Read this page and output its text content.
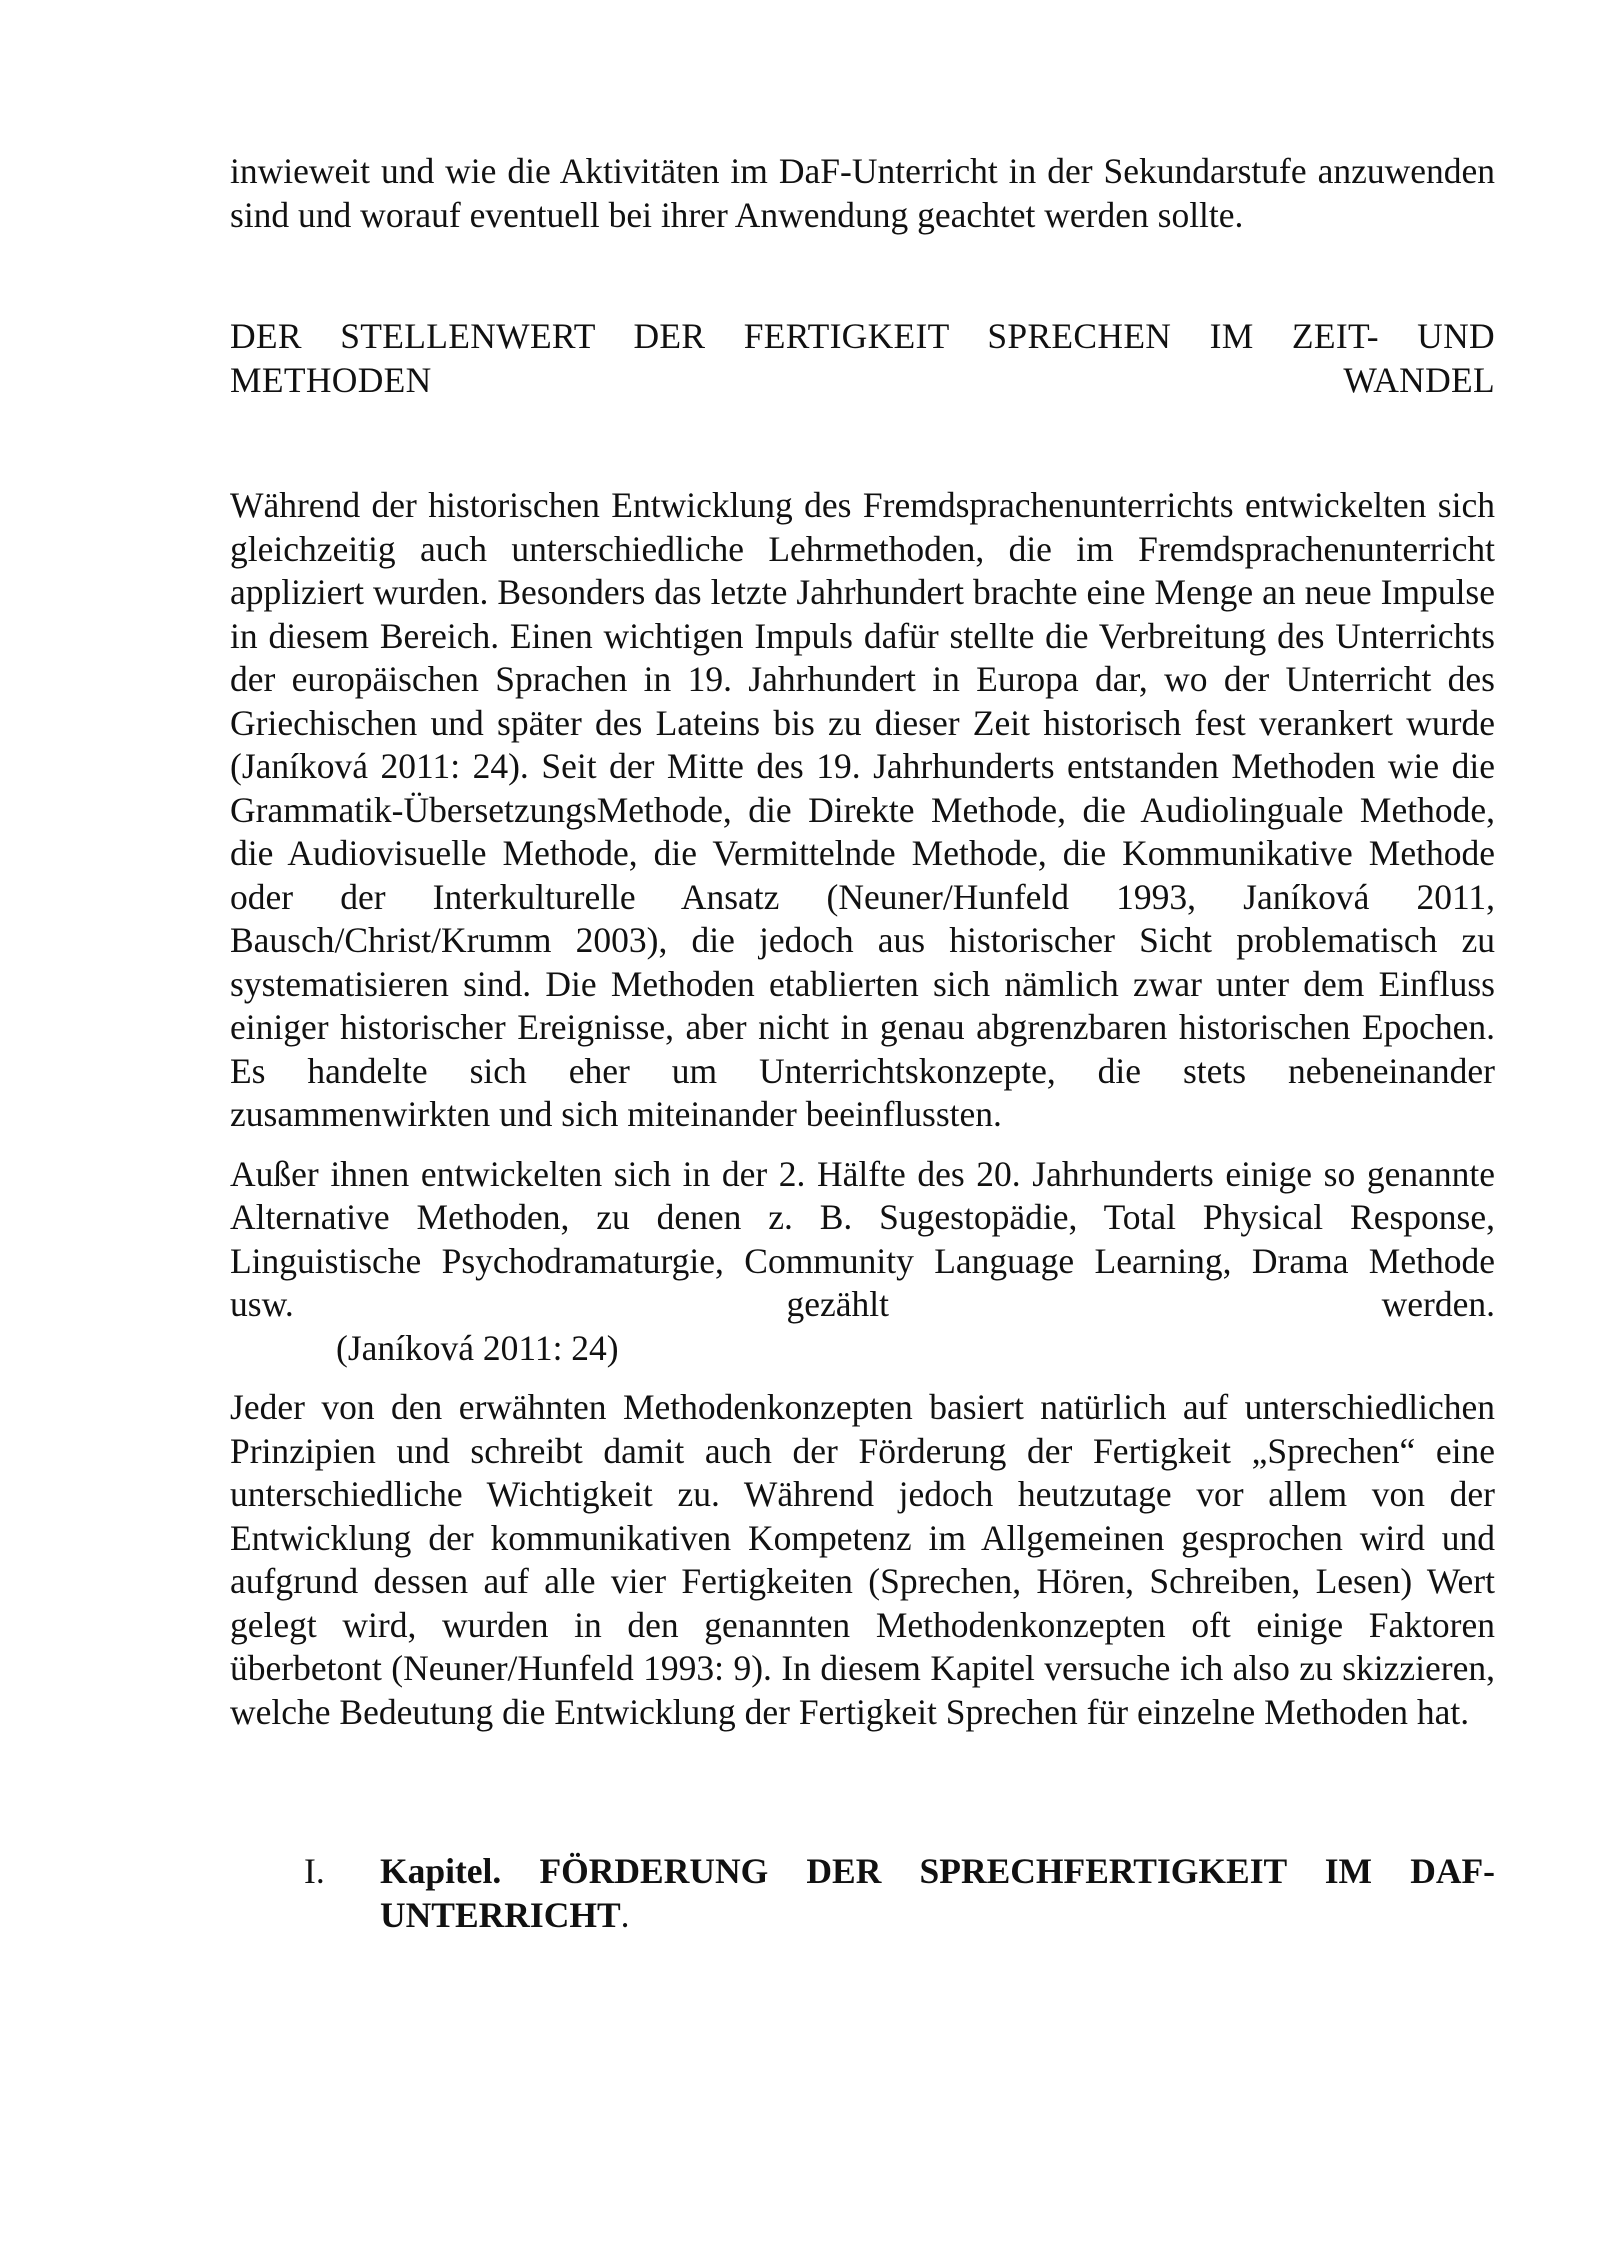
inwieweit und wie die Aktivitäten im DaF-Unterricht in der Sekundarstufe anzuwenden sind und worauf eventuell bei ihrer Anwendung geachtet werden sollte.

DER STELLENWERT DER FERTIGKEIT SPRECHEN IM ZEIT- UND METHODEN WANDEL

Während der historischen Entwicklung des Fremdsprachenunterrichts entwickelten sich gleichzeitig auch unterschiedliche Lehrmethoden, die im Fremdsprachenunterricht appliziert wurden. Besonders das letzte Jahrhundert brachte eine Menge an neue Impulse in diesem Bereich. Einen wichtigen Impuls dafür stellte die Verbreitung des Unterrichts der europäischen Sprachen in 19. Jahrhundert in Europa dar, wo der Unterricht des Griechischen und später des Lateins bis zu dieser Zeit historisch fest verankert wurde (Janíková 2011: 24). Seit der Mitte des 19. Jahrhunderts entstanden Methoden wie die Grammatik-ÜbersetzungsMethode, die Direkte Methode, die Audiolinguale Methode, die Audiovisuelle Methode, die Vermittelnde Methode, die Kommunikative Methode oder der Interkulturelle Ansatz (Neuner/Hunfeld 1993, Janíková 2011, Bausch/Christ/Krumm 2003), die jedoch aus historischer Sicht problematisch zu systematisieren sind. Die Methoden etablierten sich nämlich zwar unter dem Einfluss einiger historischer Ereignisse, aber nicht in genau abgrenzbaren historischen Epochen. Es handelte sich eher um Unterrichtskonzepte, die stets nebeneinander zusammenwirkten und sich miteinander beeinflussten.

Außer ihnen entwickelten sich in der 2. Hälfte des 20. Jahrhunderts einige so genannte Alternative Methoden, zu denen z. B. Sugestopädie, Total Physical Response, Linguistische Psychodramaturgie, Community Language Learning, Drama Methode usw. gezählt werden.

(Janíková 2011: 24)

Jeder von den erwähnten Methodenkonzepten basiert natürlich auf unterschiedlichen Prinzipien und schreibt damit auch der Förderung der Fertigkeit „Sprechen“ eine unterschiedliche Wichtigkeit zu. Während jedoch heutzutage vor allem von der Entwicklung der kommunikativen Kompetenz im Allgemeinen gesprochen wird und aufgrund dessen auf alle vier Fertigkeiten (Sprechen, Hören, Schreiben, Lesen) Wert gelegt wird, wurden in den genannten Methodenkonzepten oft einige Faktoren überbetont (Neuner/Hunfeld 1993: 9). In diesem Kapitel versuche ich also zu skizzieren, welche Bedeutung die Entwicklung der Fertigkeit Sprechen für einzelne Methoden hat.

I.	Kapitel. FÖRDERUNG DER SPRECHFERTIGKEIT IM DAF-UNTERRICHT.
